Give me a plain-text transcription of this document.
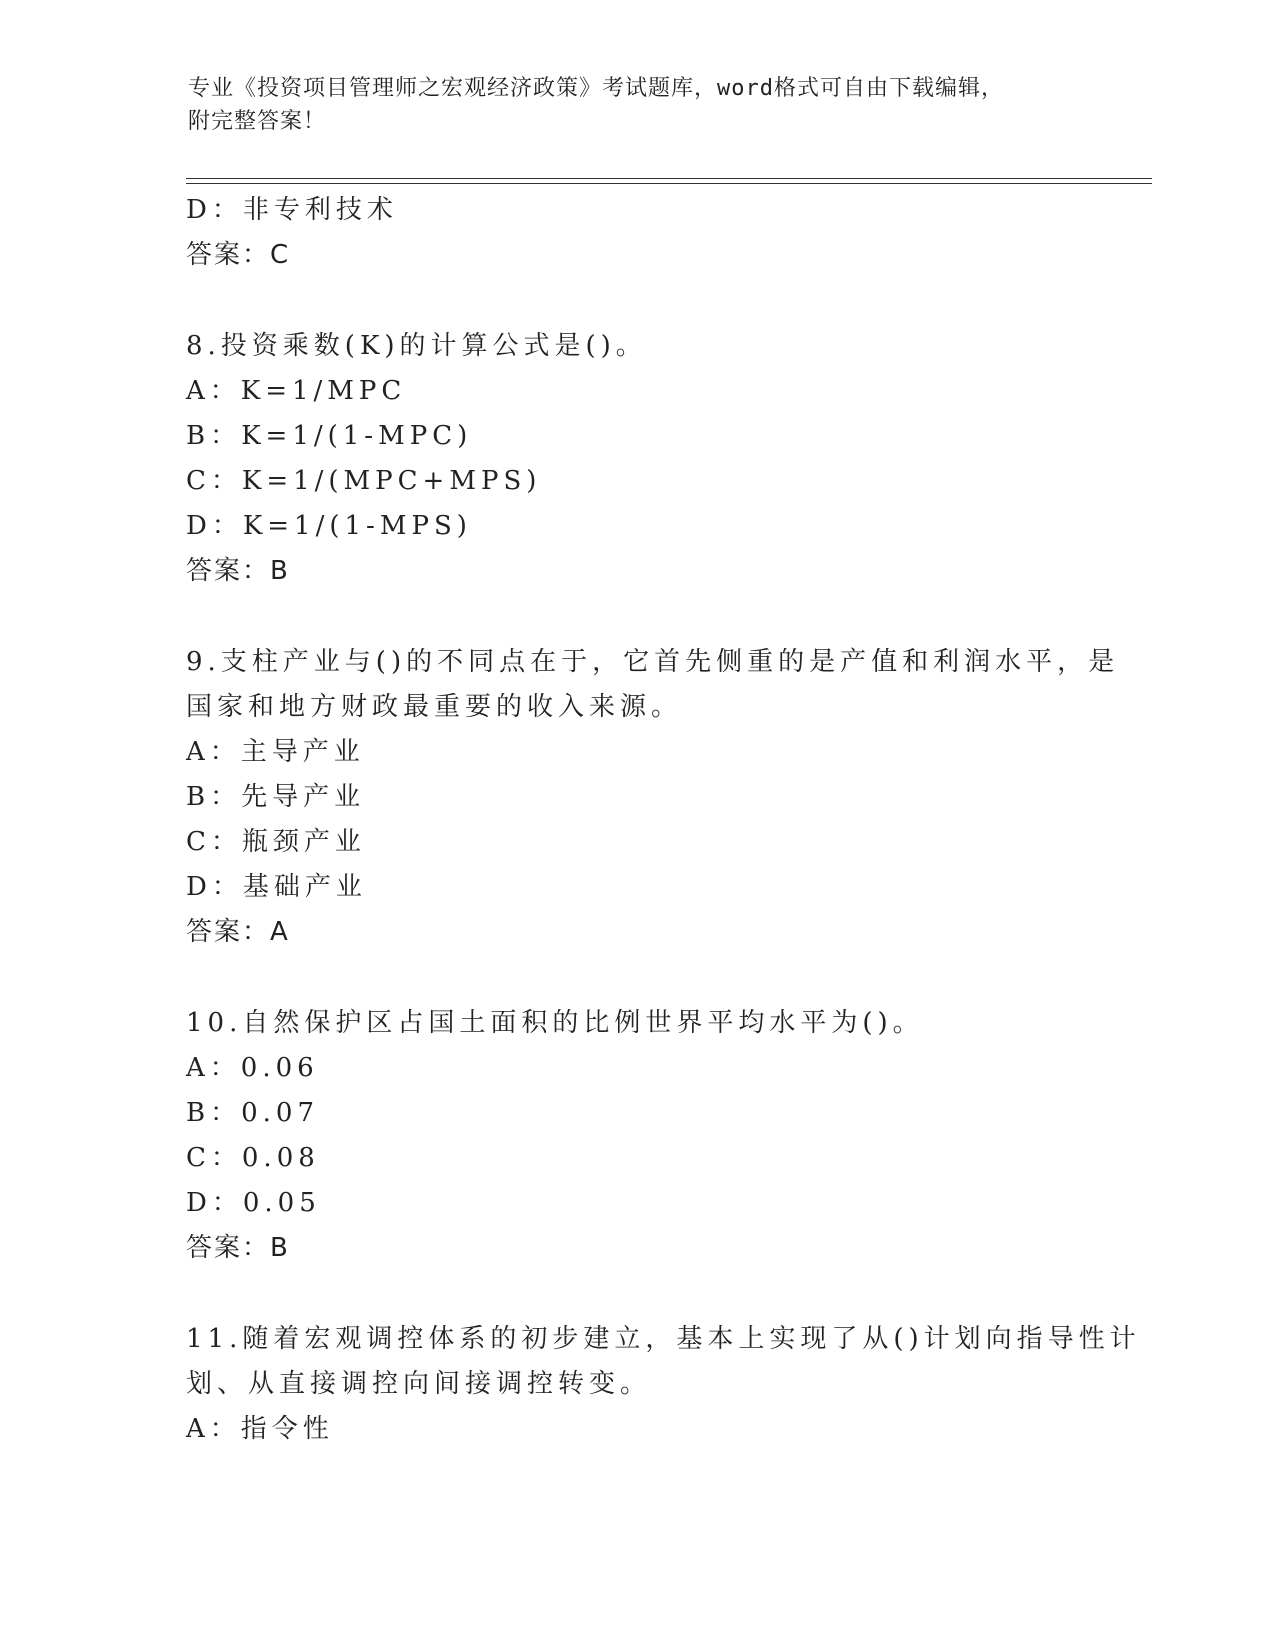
专业《投资项目管理师之宏观经济政策》考试题库，word格式可自由下载编辑，
附完整答案！
D：非专利技术
答案：C
8.投资乘数(K)的计算公式是()。
A：K=1/MPC
B：K=1/(1-MPC)
C：K=1/(MPC+MPS)
D：K=1/(1-MPS)
答案：B
9.支柱产业与()的不同点在于，它首先侧重的是产值和利润水平，是
国家和地方财政最重要的收入来源。
A：主导产业
B：先导产业
C：瓶颈产业
D：基础产业
答案：A
10.自然保护区占国土面积的比例世界平均水平为()。
A：0.06
B：0.07
C：0.08
D：0.05
答案：B
11.随着宏观调控体系的初步建立，基本上实现了从()计划向指导性计
划、从直接调控向间接调控转变。
A：指令性
